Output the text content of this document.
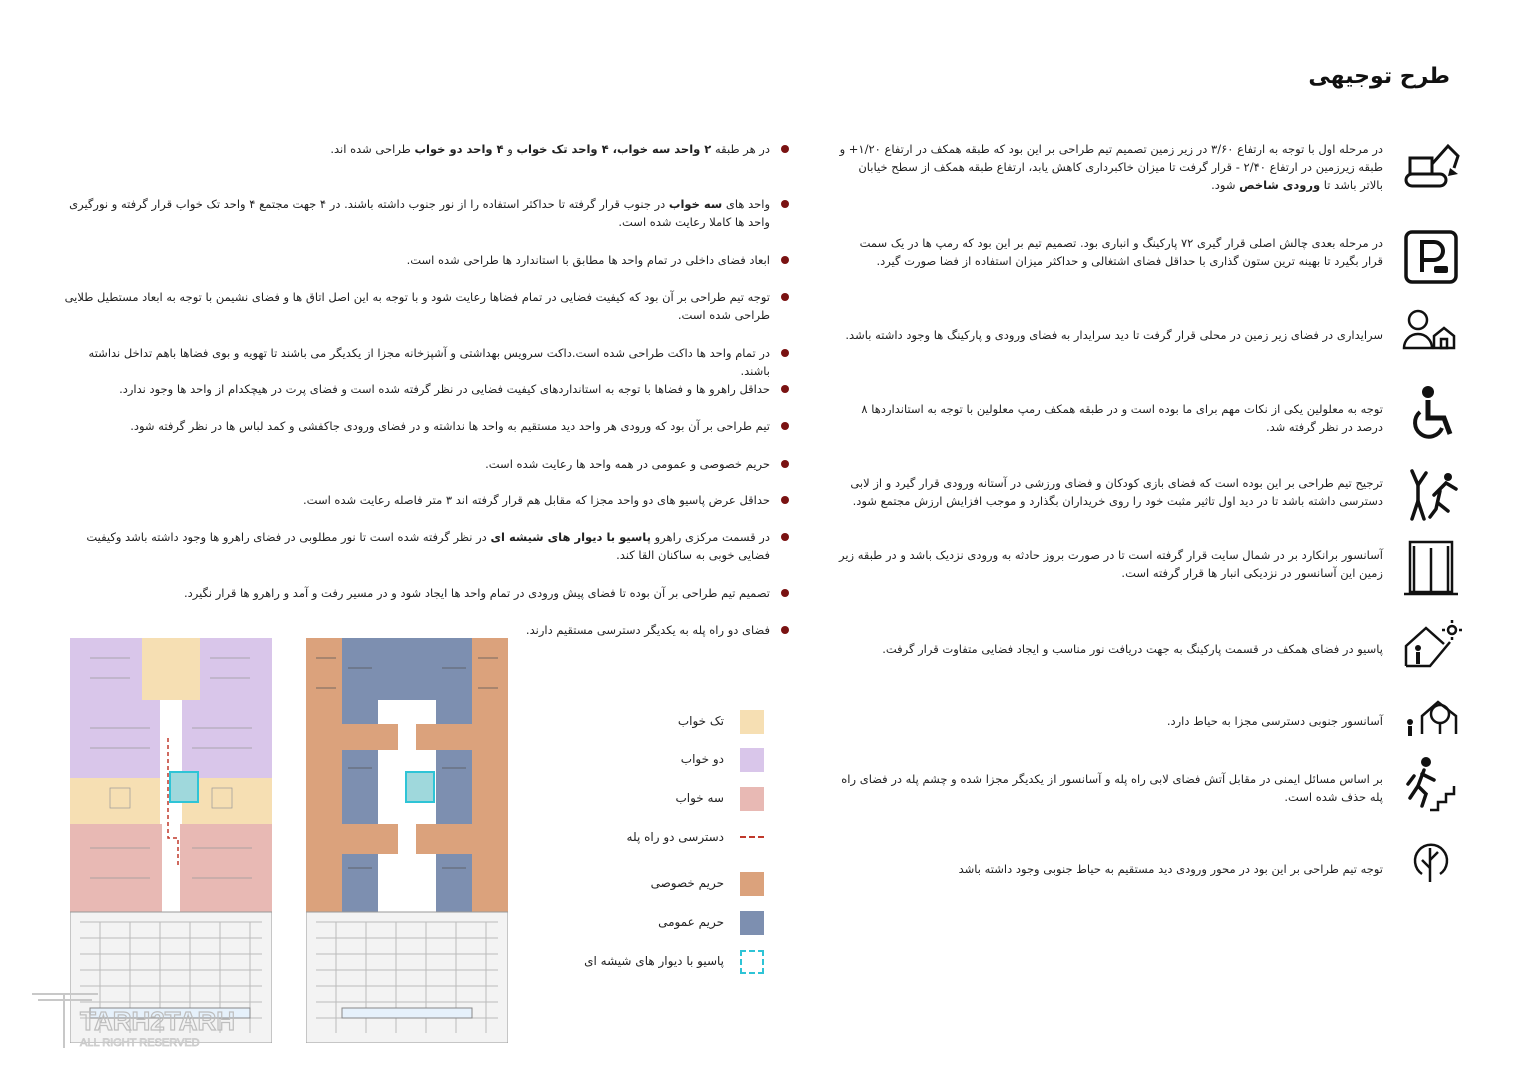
طرح توجیهی
در مرحله اول با توجه به ارتفاع ۳/۶۰ در زیر زمین تصمیم تیم طراحی بر این بود که طبقه همکف در ارتفاع ۱/۲۰+ و طبقه زیرزمین در ارتفاع ۲/۴۰ - قرار گرفت تا میزان خاکبرداری کاهش یابد، ارتفاع طبقه همکف از سطح خیابان بالاتر باشد تا ورودی شاخص شود.
در مرحله بعدی چالش اصلی قرار گیری ۷۲ پارکینگ و انباری بود. تصمیم تیم بر این بود که رمپ ها در یک سمت قرار بگیرد تا بهینه ترین ستون گذاری با حداقل فضای اشتغالی و حداکثر میزان استفاده از فضا صورت گیرد.
سرایداری در فضای زیر زمین در محلی قرار گرفت تا دید سرایدار به فضای ورودی و پارکینگ ها وجود داشته باشد.
توجه به معلولین یکی از نکات مهم برای ما بوده است و در طبقه همکف رمپ معلولین با توجه به استانداردها ۸ درصد در نظر گرفته شد.
ترجیح تیم طراحی بر این بوده است که فضای بازی کودکان و فضای ورزشی در آستانه ورودی قرار گیرد و از لابی دسترسی داشته باشد تا در دید اول تاثیر مثبت خود را روی خریداران بگذارد و موجب افزایش ارزش مجتمع شود.
آسانسور برانکارد بر در شمال سایت قرار گرفته است تا در صورت بروز حادثه به ورودی نزدیک باشد و در طبقه زیر زمین این آسانسور در نزدیکی انبار ها قرار گرفته است.
پاسیو در فضای همکف در قسمت پارکینگ به جهت دریافت نور مناسب و ایجاد فضایی متفاوت قرار گرفت.
آسانسور جنوبی دسترسی مجزا به حیاط دارد.
بر اساس مسائل ایمنی در مقابل آتش فضای لابی راه پله و آسانسور از یکدیگر مجزا شده و چشم پله در فضای راه پله حذف شده است.
توجه تیم طراحی بر این بود در محور ورودی دید مستقیم به حیاط جنوبی وجود داشته باشد
در هر طبقه ۲ واحد سه خواب، ۴ واحد تک خواب و ۴ واحد دو خواب طراحی شده اند.
واحد های سه خواب در جنوب قرار گرفته تا حداکثر استفاده را از نور جنوب داشته باشند. در ۴ جهت مجتمع ۴ واحد تک خواب قرار گرفته و نورگیری واحد ها کاملا رعایت شده است.
ابعاد فضای داخلی در تمام واحد ها مطابق با استاندارد ها طراحی شده است.
توجه تیم طراحی بر آن بود که کیفیت فضایی در تمام فضاها رعایت شود و با توجه به این اصل اتاق ها و فضای نشیمن با توجه به ابعاد مستطیل طلایی طراحی شده است.
در تمام واحد ها داکت طراحی شده است.داکت سرویس بهداشتی و آشپزخانه مجزا از یکدیگر می باشند تا تهویه و بوی فضاها باهم تداخل نداشته باشند.
حداقل راهرو ها و فضاها با توجه به استانداردهای کیفیت فضایی در نظر گرفته شده است و فضای پرت در هیچکدام از واحد ها وجود ندارد.
تیم طراحی بر آن بود که ورودی هر واحد دید مستقیم به واحد ها نداشته و در فضای ورودی جاکفشی و کمد لباس ها در نظر گرفته شود.
حریم خصوصی و عمومی در همه واحد ها رعایت شده است.
حداقل عرض پاسیو های دو واحد مجزا که مقابل هم قرار گرفته اند ۳ متر فاصله رعایت شده است.
در قسمت مرکزی راهرو پاسیو با دیوار های شیشه ای در نظر گرفته شده است تا نور مطلوبی در فضای راهرو ها وجود داشته باشد وکیفیت فضایی خوبی به ساکنان القا کند.
تصمیم تیم طراحی بر آن بوده تا فضای پیش ورودی در تمام واحد ها ایجاد شود و در مسیر رفت و آمد و راهرو ها قرار نگیرد.
فضای دو راه پله به یکدیگر دسترسی مستقیم دارند.
تک خواب
دو خواب
سه خواب
دسترسی دو راه پله
حریم خصوصی
حریم عمومی
پاسیو با دیوار های شیشه ای
TARH2TARH
ALL RIGHT RESERVED
